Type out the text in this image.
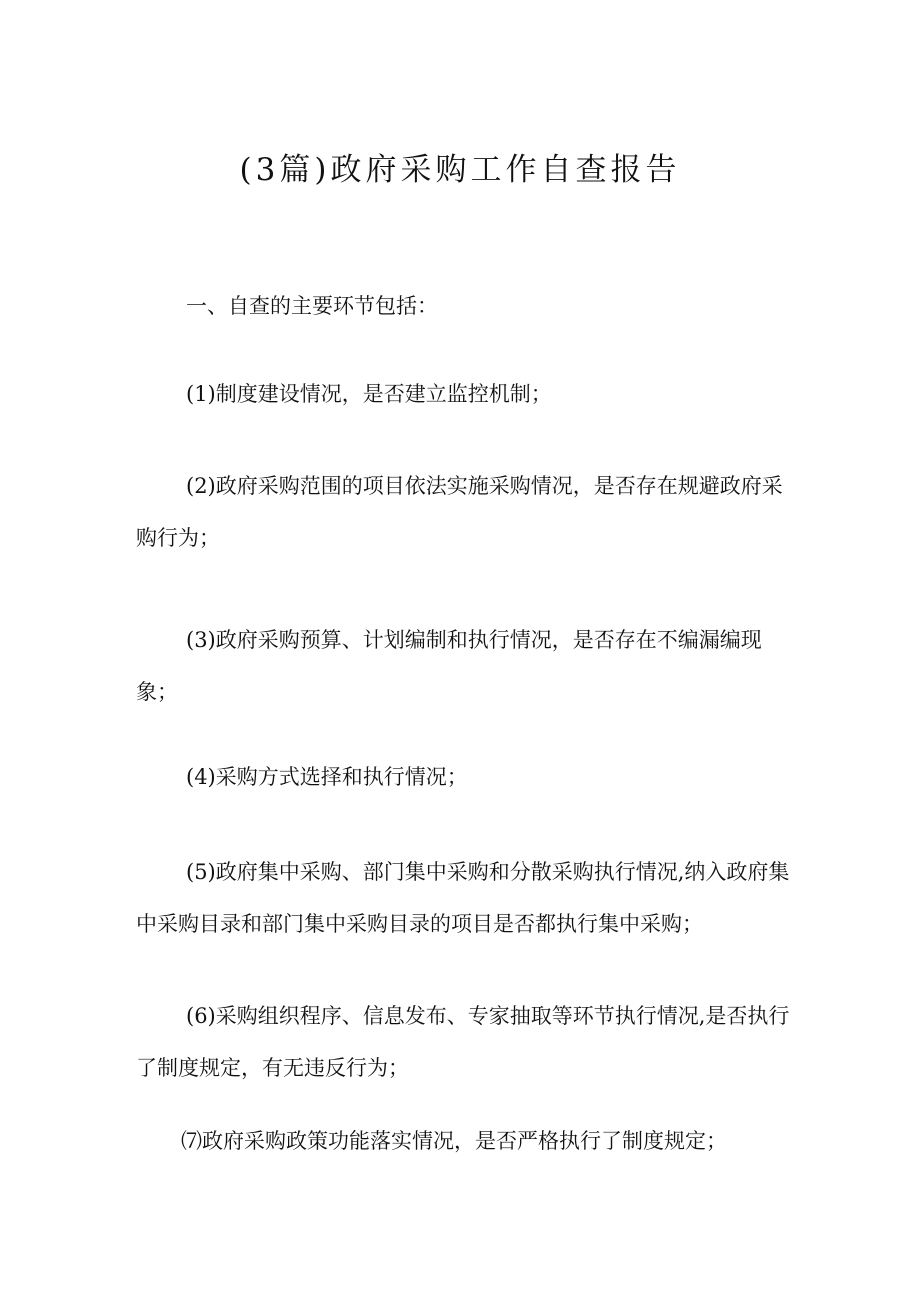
(3篇)政府采购工作自查报告

一、自查的主要环节包括：

(1)制度建设情况，是否建立监控机制；

(2)政府采购范围的项目依法实施采购情况，是否存在规避政府采购行为；

(3)政府采购预算、计划编制和执行情况，是否存在不编漏编现象；

(4)采购方式选择和执行情况；

(5)政府集中采购、部门集中采购和分散采购执行情况,纳入政府集中采购目录和部门集中采购目录的项目是否都执行集中采购；

(6)采购组织程序、信息发布、专家抽取等环节执行情况,是否执行了制度规定，有无违反行为；

⑺政府采购政策功能落实情况，是否严格执行了制度规定；
